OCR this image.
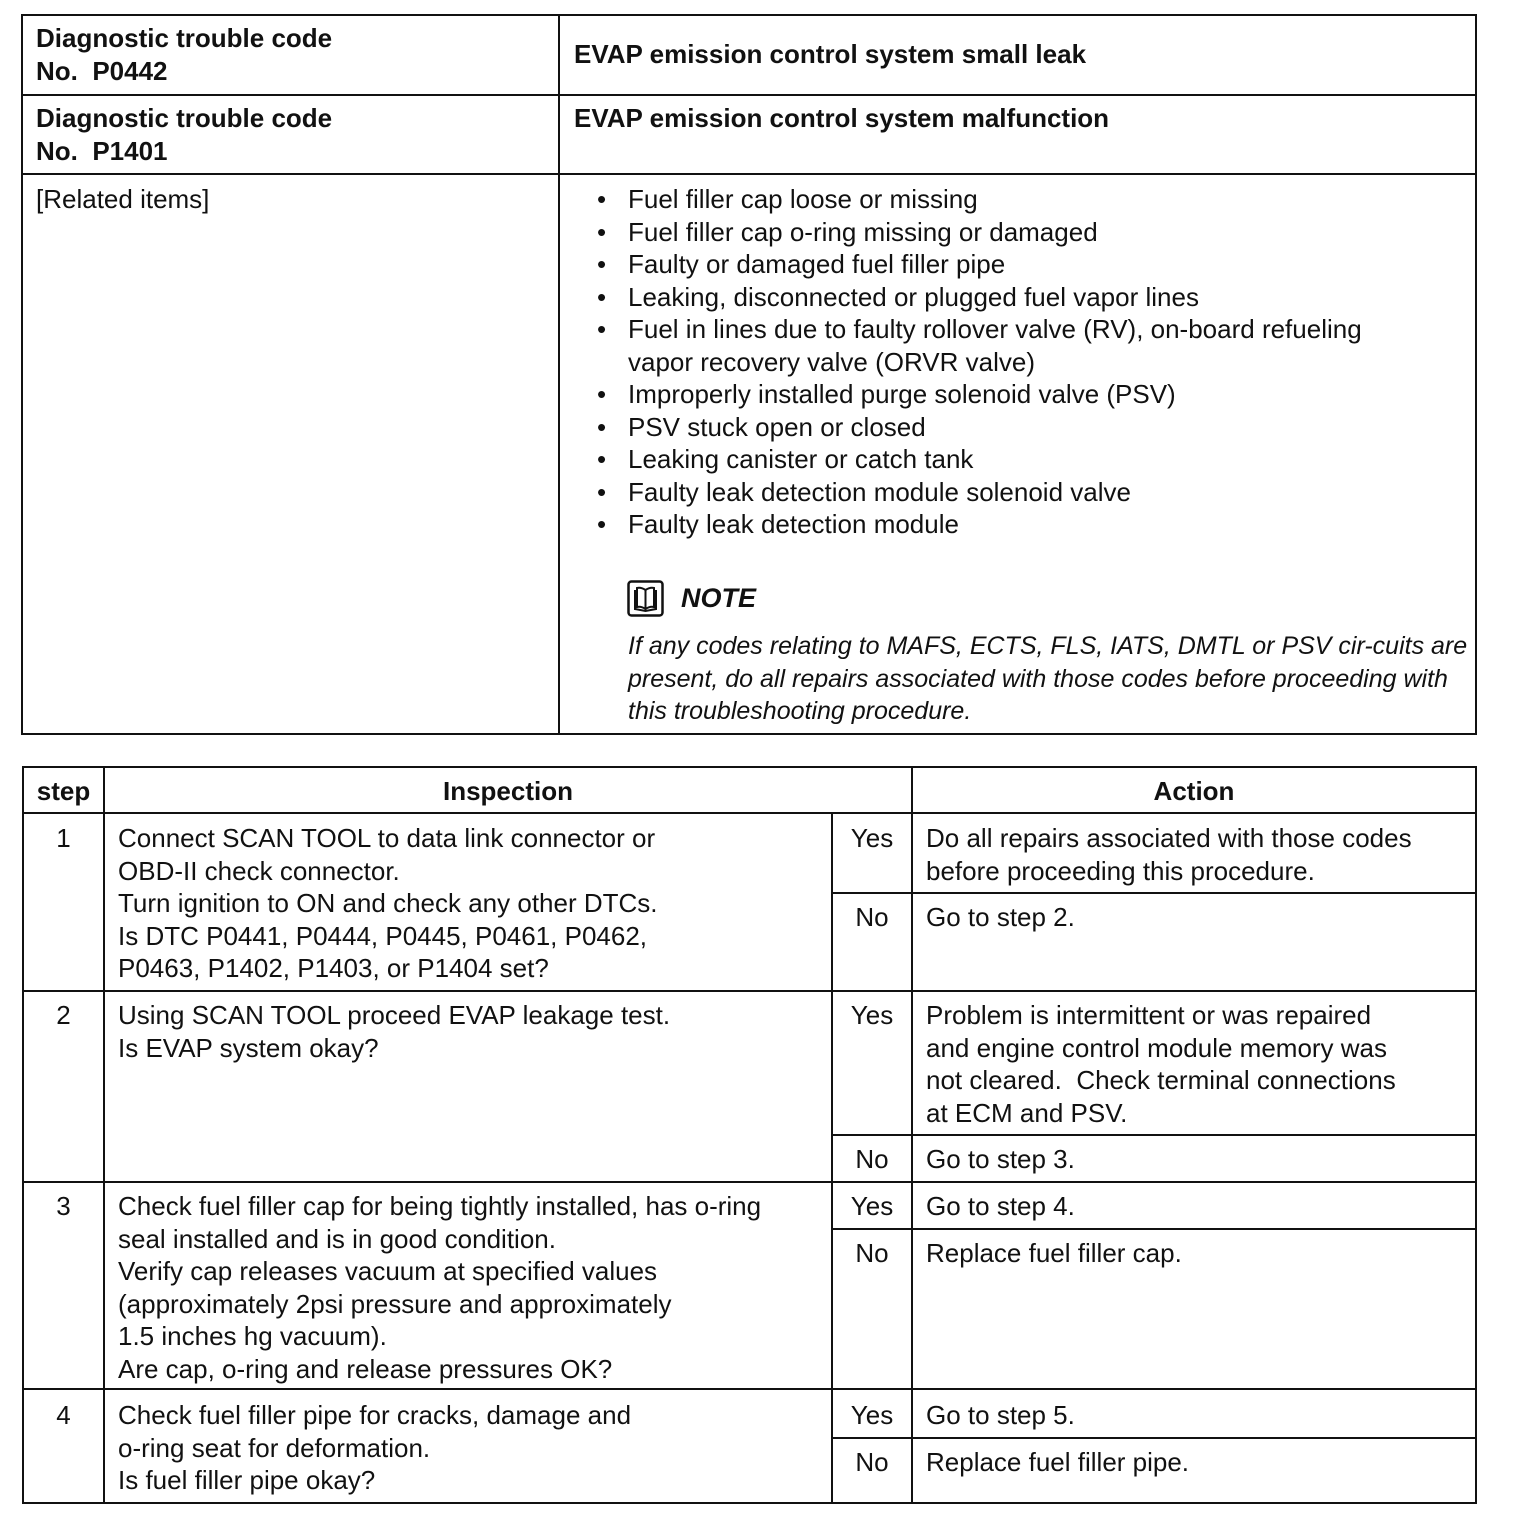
Diagnostic trouble code
No.  P0442
EVAP emission control system small leak
Diagnostic trouble code
No.  P1401
EVAP emission control system malfunction
[Related items]
•	Fuel filler cap loose or missing
• Fuel filler cap o-ring missing or damaged
• Faulty or damaged fuel filler pipe
• Leaking, disconnected or plugged fuel vapor lines
• Fuel in lines due to faulty rollover valve (RV), on-board refueling
vapor recovery valve (ORVR valve)
• Improperly installed purge solenoid valve (PSV)
• PSV stuck open or closed
• Leaking canister or catch tank
• Faulty leak detection module solenoid valve
• Faulty leak detection module
NOTE
If any codes relating to MAFS, ECTS, FLS, IATS, DMTL or PSV cir-cuits are present, do all repairs associated with those codes before proceeding with this troubleshooting procedure.
step	Inspection	Action
1	Connect SCAN TOOL to data link connector or
OBD-II check connector.
Turn ignition to ON and check any other DTCs.
Is DTC P0441, P0444, P0445, P0461, P0462,
P0463, P1402, P1403, or P1404 set?
Yes	Do all repairs associated with those codes
before proceeding this procedure.
No	Go to step 2.
2	Using SCAN TOOL proceed EVAP leakage test.
Is EVAP system okay?
Yes	Problem is intermittent or was repaired
and engine control module memory was
not cleared.  Check terminal connections
at ECM and PSV.
No	Go to step 3.
3	Check fuel filler cap for being tightly installed, has o-ring
seal installed and is in good condition.
Verify cap releases vacuum at specified values
(approximately 2psi pressure and approximately
1.5 inches hg vacuum).
Are cap, o-ring and release pressures OK?
Yes	Go to step 4.
No	Replace fuel filler cap.
4	Check fuel filler pipe for cracks, damage and
o-ring seat for deformation.
Is fuel filler pipe okay?
Yes	Go to step 5.
No	Replace fuel filler pipe.
